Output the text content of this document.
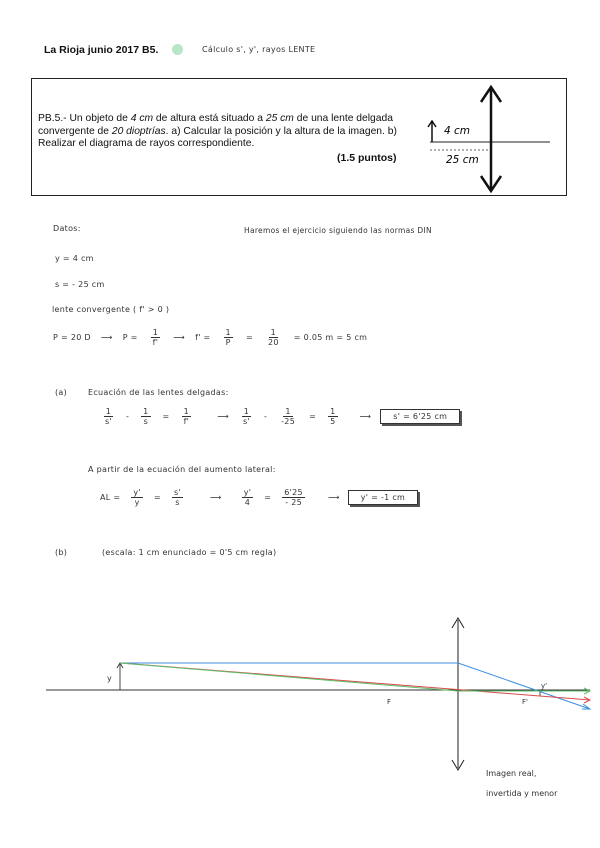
La Rioja junio 2017 B5.	Cálculo s', y', rayos LENTE
PB.5.- Un objeto de 4 cm de altura está situado a 25 cm de una lente delgada convergente de 20 dioptrías. a) Calcular la posición y la altura de la imagen. b) Realizar el diagrama de rayos correspondiente.
(1.5 puntos)
4 cm
25 cm
Datos:	Haremos el ejercicio siguiendo las normas DIN
y = 4 cm
s = - 25 cm
lente convergente ( f' > 0 )
P = 20 D ⟶ $P = \frac{1}{f'}$ ⟶ $f' = \frac{1}{P} = \frac{1}{20} = 0.05$ m = 5 cm
(a)	Ecuación de las lentes delgadas:
$\frac{1}{s'} - \frac{1}{s} = \frac{1}{f'}$	⟶ $\frac{1}{s'} - \frac{1}{-25} = \frac{1}{5}$	⟶	s' = 6'25 cm
A partir de la ecuación del aumento lateral:
AL = $\frac{y'}{y} = \frac{s'}{s}$	⟶	$\frac{y'}{4} = \frac{6'25}{- 25}$	⟶	y' = -1 cm
(b)	(escala: 1 cm enunciado = 0'5 cm regla)
y
F	F'
y'
Imagen real,
invertida y menor
